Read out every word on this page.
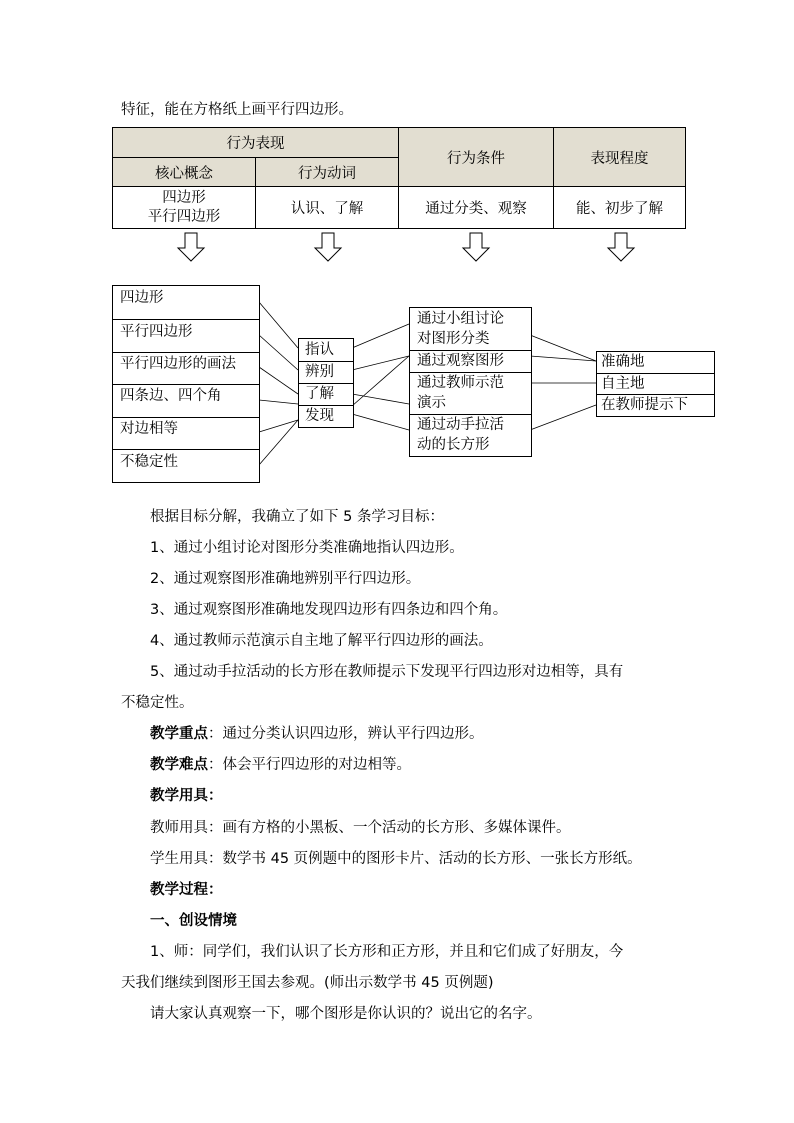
特征，能在方格纸上画平行四边形。
行为表现		行为条件	表现程度
核心概念	行为动词		

四边形
平行四边形	认识、了解	通过分类、观察	能、初步了解
四边形
平行四边形
平行四边形的画法
四条边、四个角
对边相等
不稳定性
指认
辨别
了解
发现
通过小组讨论
对图形分类
通过观察图形
通过教师示范
演示
通过动手拉活
动的长方形
准确地
自主地
在教师提示下
根据目标分解，我确立了如下 5 条学习目标：
1、通过小组讨论对图形分类准确地指认四边形。
2、通过观察图形准确地辨别平行四边形。
3、通过观察图形准确地发现四边形有四条边和四个角。
4、通过教师示范演示自主地了解平行四边形的画法。
5、通过动手拉活动的长方形在教师提示下发现平行四边形对边相等，具有
不稳定性。
教学重点：通过分类认识四边形，辨认平行四边形。
教学难点：体会平行四边形的对边相等。
教学用具：
教师用具：画有方格的小黑板、一个活动的长方形、多媒体课件。
学生用具：数学书 45 页例题中的图形卡片、活动的长方形、一张长方形纸。
教学过程：
一、创设情境
1、师：同学们，我们认识了长方形和正方形，并且和它们成了好朋友，今
天我们继续到图形王国去参观。(师出示数学书 45 页例题)
请大家认真观察一下，哪个图形是你认识的？说出它的名字。
